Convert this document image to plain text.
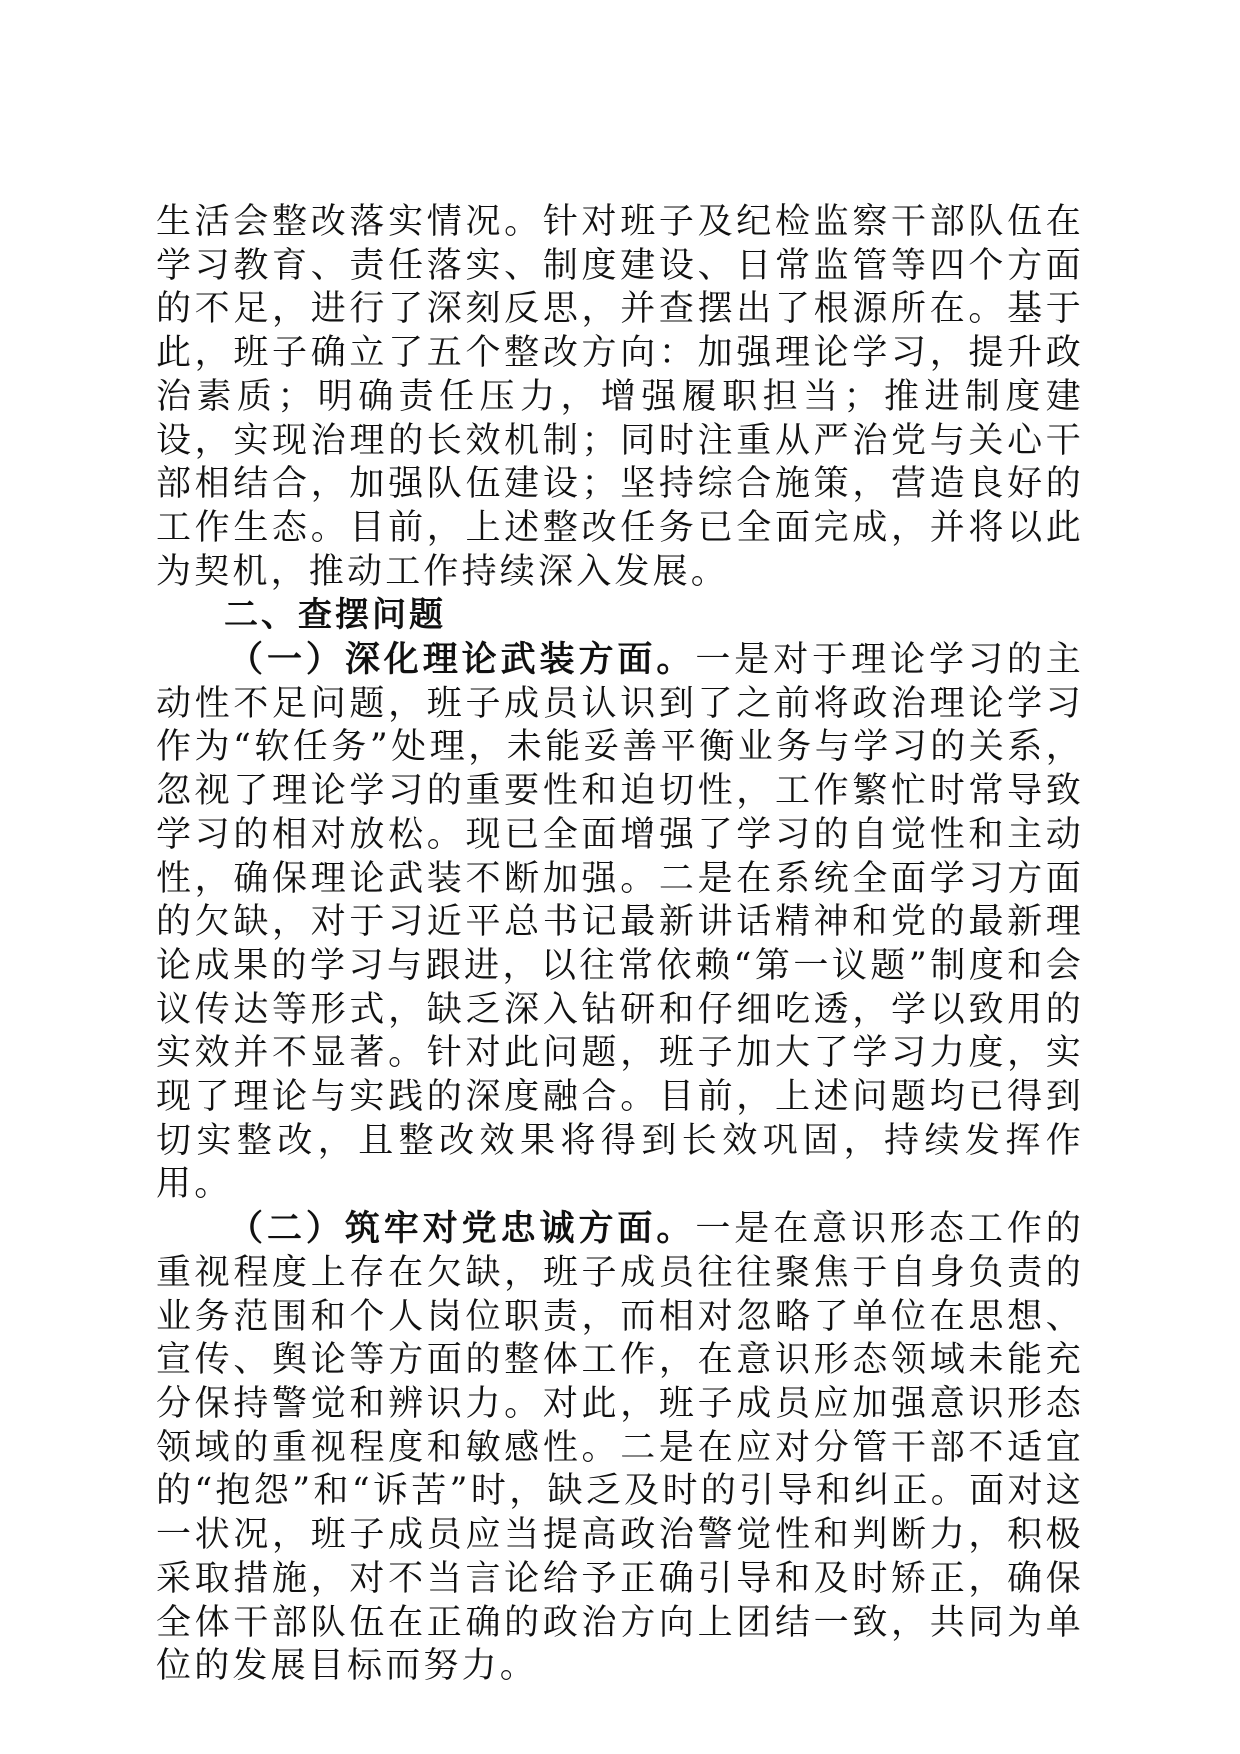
生活会整改落实情况。针对班子及纪检监察干部队伍在学习教育、责任落实、制度建设、日常监管等四个方面的不足，进行了深刻反思，并查摆出了根源所在。基于此，班子确立了五个整改方向：加强理论学习，提升政治素质；明确责任压力，增强履职担当；推进制度建设，实现治理的长效机制；同时注重从严治党与关心干部相结合，加强队伍建设；坚持综合施策，营造良好的工作生态。目前，上述整改任务已全面完成，并将以此为契机，推动工作持续深入发展。

二、查摆问题

（一）深化理论武装方面。一是对于理论学习的主动性不足问题，班子成员认识到了之前将政治理论学习作为“软任务”处理，未能妥善平衡业务与学习的关系，忽视了理论学习的重要性和迫切性，工作繁忙时常导致学习的相对放松。现已全面增强了学习的自觉性和主动性，确保理论武装不断加强。二是在系统全面学习方面的欠缺，对于习近平总书记最新讲话精神和党的最新理论成果的学习与跟进，以往常依赖“第一议题”制度和会议传达等形式，缺乏深入钻研和仔细吃透，学以致用的实效并不显著。针对此问题，班子加大了学习力度，实现了理论与实践的深度融合。目前，上述问题均已得到切实整改，且整改效果将得到长效巩固，持续发挥作用。

（二）筑牢对党忠诚方面。一是在意识形态工作的重视程度上存在欠缺，班子成员往往聚焦于自身负责的业务范围和个人岗位职责，而相对忽略了单位在思想、宣传、舆论等方面的整体工作，在意识形态领域未能充分保持警觉和辨识力。对此，班子成员应加强意识形态领域的重视程度和敏感性。二是在应对分管干部不适宜的“抱怨”和“诉苦”时，缺乏及时的引导和纠正。面对这一状况，班子成员应当提高政治警觉性和判断力，积极采取措施，对不当言论给予正确引导和及时矫正，确保全体干部队伍在正确的政治方向上团结一致，共同为单位的发展目标而努力。
